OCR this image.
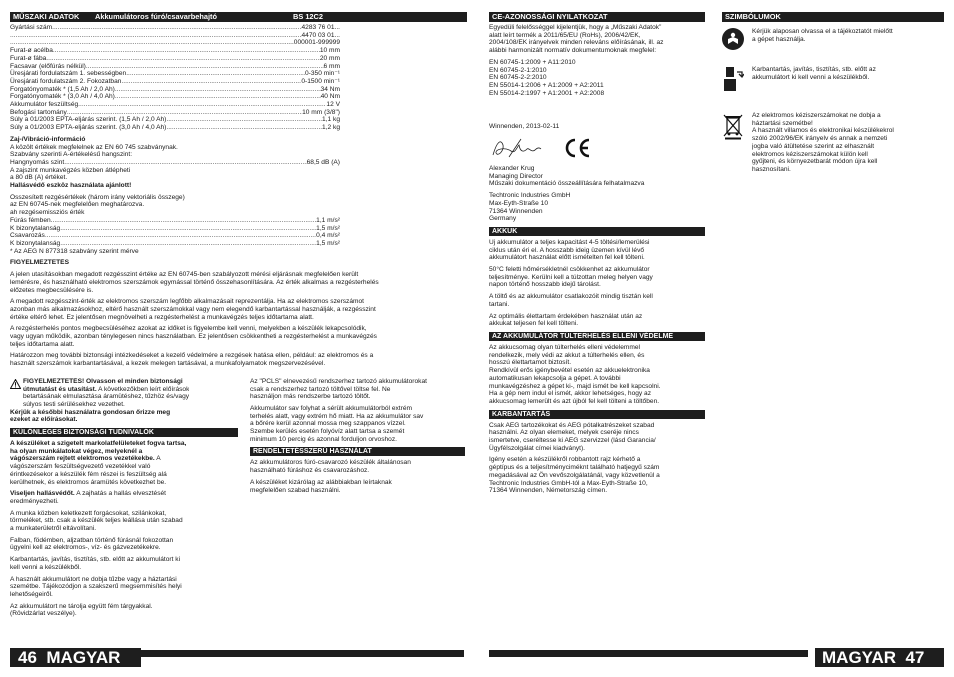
MŰSZAKI ADATOK Akkumulátoros fúró/csavarbehajtó	BS 12C2
Gyártási szám .....	4283 76 01...
.....
4470 03 01...
.....
...000001-999999
Furat-ø acélba .....	10 mm
Furat-ø fába .....	20 mm
Facsavar (előfúrás nélkül) .....	6 mm
Üresjárati fordulatszám 1. sebességben .....	0-350 min⁻¹
Üresjárati fordulatszám 2. Fokozatban .....	0-1500 min⁻¹
Forgatónyomaték * (1,5 Ah / 2,0 Ah) .....	34 Nm
Forgatónyomaték * (3,0 Ah / 4,0 Ah) .....	40 Nm
Akkumulátor feszültség .....	12 V
Befogási tartomány .....	10 mm (3/8")
Súly a 01/2003 EPTA-eljárás szerint. (1,5 Ah / 2,0 Ah) .....	1,1 kg
Súly a 01/2003 EPTA-eljárás szerint. (3,0 Ah / 4,0 Ah) .....	1,2 kg
Zaj-/Vibráció-információ
A közölt értékek megfelelnek az EN 60 745 szabványnak.
Szabvány szerinti A-értékelésű hangszint:
Hangnyomás szint .....	68,5 dB (A)
A zajszint munkavégzés közben átlépheti
a 80 dB (A) értéket.
Hallásvédő eszköz használata ajánlott!
Összesített rezgésértékek (három irány vektoriális összege)
az EN 60745-nek megfelelően meghatározva.
ah rezgésemissziós érték
Fúrás fémben .....	1,1 m/s²
K bizonytalanság .....	1,5 m/s²
Csavarozás .....	0,4 m/s²
K bizonytalanság .....	1,5 m/s²
* Az AEG N 877318 szabvány szerint mérve
FIGYELMEZTETÉS
A jelen utasításokban megadott rezgésszint értéke az EN 60745-ben szabályozott mérési eljárásnak megfelelően került
lemérésre, és használható elektromos szerszámok egymással történő összehasonlítására. Az érték alkalmas a rezgésterhelés
előzetes megbecsülésére is.
A megadott rezgésszint-érték az elektromos szerszám legfőbb alkalmazásait reprezentálja. Ha az elektromos szerszámot
azonban más alkalmazásokhoz, eltérő használt szerszámokkal vagy nem elegendő karbantartással használják, a rezgésszint
értéke eltérő lehet. Ez jelentősen megnövelheti a rezgésterhelést a munkavégzés teljes időtartama alatt.
A rezgésterhelés pontos megbecsüléséhez azokat az időket is figyelembe kell venni, melyekben a készülék lekapcsolódik,
vagy ugyan működik, azonban ténylegesen nincs használatban. Ez jelentősen csökkentheti a rezgésterhelést a munkavégzés
teljes időtartama alatt.
Határozzon meg további biztonsági intézkedéseket a kezelő védelmére a rezgések hatása ellen, például: az elektromos és a
használt szerszámok karbantartásával, a kezek melegen tartásával, a munkafolyamatok megszervezésével.
FIGYELMEZTETÉS! Olvasson el minden biztonsági
útmutatást és utasítást. A következőkben leírt előírások
betartásának elmulasztása áramütéshez, tűzhöz és/vagy
súlyos testi sérülésekhez vezethet.
Kérjük a későbbi használatra gondosan őrizze meg
ezeket az előírásokat.
KÜLÖNLEGES BIZTONSÁGI TUDNIVALÓK
A készüléket a szigetelt markolatfelületeket fogva tartsa,
ha olyan munkálatokat végez, melyeknél a
vágószerszám rejtett elektromos vezetékekbe. A
vágószerszám feszültségvezető vezetékkel való
érintkezésekor a készülék fém részei is feszültség alá
kerülhetnek, és elektromos áramütés következhet be.
Viseljen hallásvédőt. A zajhatás a hallás elvesztését
eredményezheti.
A munka közben keletkezett forgácsokat, szilánkokat,
törmeléket, stb. csak a készülék teljes leállása után szabad
a munkaterületről eltávolítani.
Falban, födémben, aljzatban történő fúrásnál fokozottan
ügyelni kell az elektromos-, víz- és gázvezetékekre.
Karbantartás, javítás, tisztítás, stb. előtt az akkumulátort ki
kell venni a készülékből.
A használt akkumulátort ne dobja tűzbe vagy a háztartási
szemétbe. Tájékozódjon a szakszerű megsemmisítés helyi
lehetőségeiről.
Az akkumulátort ne tárolja együtt fém tárgyakkal.
(Rövidzárlat veszélye).
Az "PCLS" elnevezésű rendszerhez tartozó akkumulátorokat
csak a rendszerhez tartozó töltővel töltse fel. Ne
használjon más rendszerbe tartozó töltőt.
Akkumulátor sav folyhat a sérült akkumulátorból extrém
terhelés alatt, vagy extrém hő miatt. Ha az akkumulátor sav
a bőrére kerül azonnal mossa meg szappanos vízzel.
Szembe kerülés esetén folyóvíz alatt tartsa a szemét
minimum 10 percig és azonnal forduljon orvoshoz.
RENDELTETÉSSZERŰ HASZNÁLAT
Az akkumulátoros fúró-csavarozó készülék általánosan
használható fúráshoz és csavarozáshoz.
A készüléket kizárólag az alábbiakban leírtaknak
megfelelően szabad használni.
46 MAGYAR
CE-AZONOSSÁGI NYILATKOZAT
Egyedüli felelősséggel kijelentjük, hogy a „Műszaki Adatok”
alatt leírt termék a 2011/65/EU (RoHs), 2006/42/EK,
2004/108/EK irányelvek minden releváns előírásának, ill. az
alábbi harmonizált normatív dokumentumoknak megfelel:
EN 60745-1:2009 + A11:2010
EN 60745-2-1:2010
EN 60745-2-2:2010
EN 55014-1:2006 + A1:2009 + A2:2011
EN 55014-2:1997 + A1:2001 + A2:2008
Winnenden, 2013-02-11
Alexander Krug
Managing Director
Műszaki dokumentáció összeállítására felhatalmazva
Techtronic Industries GmbH
Max-Eyth-Straße 10
71364 Winnenden
Germany
AKKUK
Új akkumulátor a teljes kapacitást 4-5 töltési/lemerülési
ciklus után éri el. A hosszabb ideig üzemen kívül lévő
akkumulátort használat előtt ismételten fel kell tölteni.
50°C feletti hőmérsékletnél csökkenhet az akkumulátor
teljesítménye. Kerülni kell a túlzottan meleg helyen vagy
napon történő hosszabb idejű tárolást.
A töltő és az akkumulátor csatlakozóit mindig tisztán kell
tartani.
Az optimális élettartam érdekében használat után az
akkukat teljesen fel kell tölteni.
AZ AKKUMULÁTOR TÚLTERHELÉS ELLENI VÉDELME
Az akkucsomag olyan túlterhelés elleni védelemmel
rendelkezik, mely védi az akkut a túlterhelés ellen, és
hosszú élettartamot biztosít.
Rendkívül erős igénybevétel esetén az akkuelektronika
automatikusan lekapcsolja a gépet. A további
munkavégzéshez a gépet ki-, majd ismét be kell kapcsolni.
Ha a gép nem indul el ismét, akkor lehetséges, hogy az
akkucsomag lemerült és azt újból fel kell tölteni a töltőben.
KARBANTARTÁS
Csak AEG tartozékokat és AEG pótalkatrészeket szabad
használni. Az olyan elemeket, melyek cseréje nincs
ismertetve, cseréltesse ki AEG szervizzel (lásd Garancia/
Ügyfélszolgálat címei kiadványt).
Igény esetén a készülékről robbantott rajz kérhető a
géptípus és a teljesítményciméknt található hatjegyű szám
megadásával az Ön vevőszolgálatánál, vagy közvetlenül a
Techtronic Industries GmbH-tól a Max-Eyth-Straße 10,
71364 Winnenden, Németország címen.
SZIMBÓLUMOK
Kérjük alaposan olvassa el a tájékoztatót mielőtt
a gépet használja.
Karbantartás, javítás, tisztítás, stb. előtt az
akkumulátort ki kell venni a készülékből.
Az elektromos kéziszerszámokat ne dobja a
háztartási szemétbe!
A használt villamos és elektronikai készülékekrol
szóló 2002/96/EK irányelv és annak a nemzeti
jogba való átültetése szerint az elhasznált
elektromos kéziszerszámokat külön kell
gyűjteni, és környezetbarát módon újra kell
hasznosítani.
MAGYAR 47
